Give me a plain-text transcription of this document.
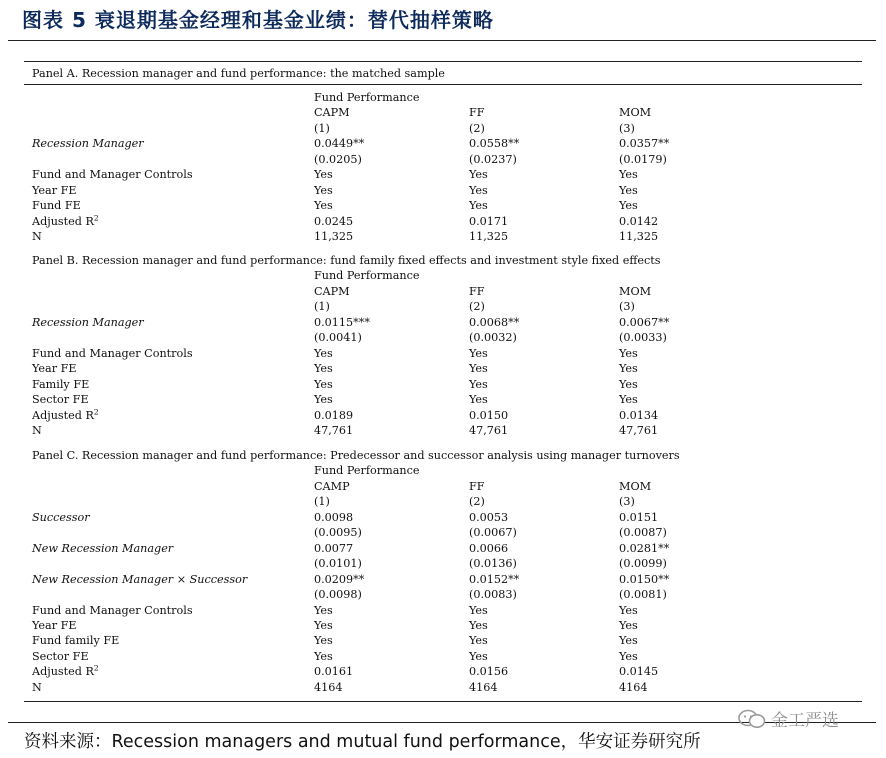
图表 5 衰退期基金经理和基金业绩：替代抽样策略
Panel A. Recession manager and fund performance: the matched sample
Fund Performance
CAPM	FF	MOM
(1)	(2)	(3)
Recession Manager	0.0449**	0.0558**	0.0357**
(0.0205)	(0.0237)	(0.0179)
Fund and Manager Controls	Yes	Yes	Yes
Year FE	Yes	Yes	Yes
Fund FE	Yes	Yes	Yes
Adjusted $R^2$	0.0245	0.0171	0.0142
N	11,325	11,325	11,325
Panel B. Recession manager and fund performance: fund family fixed effects and investment style fixed effects
Fund Performance
CAPM	FF	MOM
(1)	(2)	(3)
Recession Manager	0.0115***	0.0068**	0.0067**
(0.0041)	(0.0032)	(0.0033)
Fund and Manager Controls	Yes	Yes	Yes
Year FE	Yes	Yes	Yes
Family FE	Yes	Yes	Yes
Sector FE	Yes	Yes	Yes
Adjusted $R^2$	0.0189	0.0150	0.0134
N	47,761	47,761	47,761
Panel C. Recession manager and fund performance: Predecessor and successor analysis using manager turnovers
Fund Performance
CAMP	FF	MOM
(1)	(2)	(3)
Successor	0.0098	0.0053	0.0151
(0.0095)	(0.0067)	(0.0087)
New Recession Manager	0.0077	0.0066	0.0281**
(0.0101)	(0.0136)	(0.0099)
New Recession Manager × Successor	0.0209**	0.0152**	0.0150**
(0.0098)	(0.0083)	(0.0081)
Fund and Manager Controls	Yes	Yes	Yes
Year FE	Yes	Yes	Yes
Fund family FE	Yes	Yes	Yes
Sector FE	Yes	Yes	Yes
Adjusted $R^2$	0.0161	0.0156	0.0145
N	4164	4164	4164
金工严选
资料来源：Recession managers and mutual fund performance，华安证券研究所
